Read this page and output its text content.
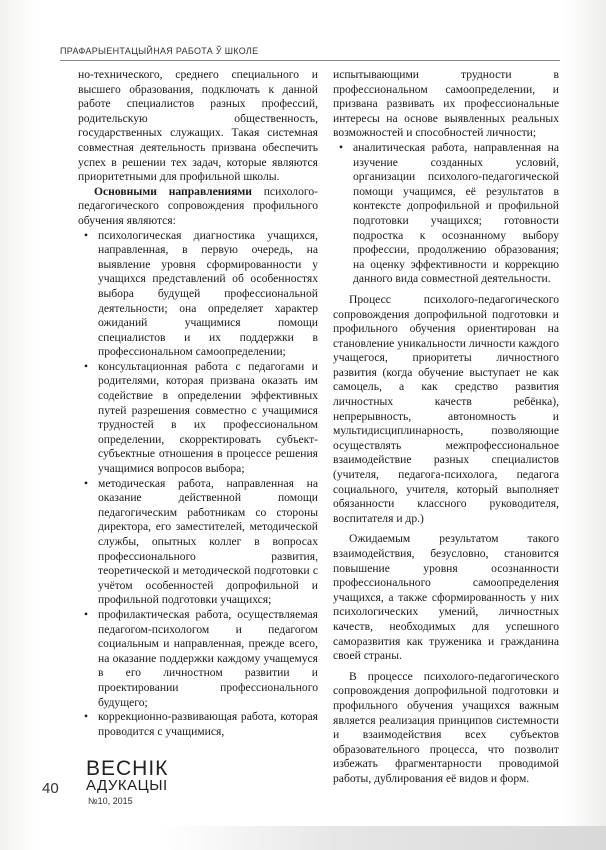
ПРАФАРЫЕНТАЦЫЙНАЯ РАБОТА Ў ШКОЛЕ

но-технического, среднего специального и высшего образования, подключать к данной работе специалистов разных профессий, родительскую общественность, государственных служащих. Такая системная совместная деятельность призвана обеспечить успех в решении тех задач, которые являются приоритетными для профильной школы.

Основными направлениями психолого-педагогического сопровождения профильного обучения являются:

• психологическая диагностика учащихся, направленная, в первую очередь, на выявление уровня сформированности у учащихся представлений об особенностях выбора будущей профессиональной деятельности; она определяет характер ожиданий учащимися помощи специалистов и их поддержки в профессиональном самоопределении;
• консультационная работа с педагогами и родителями, которая призвана оказать им содействие в определении эффективных путей разрешения совместно с учащимися трудностей в их профессиональном определении, скорректировать субъект-субъектные отношения в процессе решения учащимися вопросов выбора;
• методическая работа, направленная на оказание действенной помощи педагогическим работникам со стороны директора, его заместителей, методической службы, опытных коллег в вопросах профессионального развития, теоретической и методической подготовки с учётом особенностей допрофильной и профильной подготовки учащихся;
• профилактическая работа, осуществляемая педагогом-психологом и педагогом социальным и направленная, прежде всего, на оказание поддержки каждому учащемуся в его личностном развитии и проектировании профессионального будущего;
• коррекционно-развивающая работа, которая проводится с учащимися,

испытывающими трудности в профессиональном самоопределении, и призвана развивать их профессиональные интересы на основе выявленных реальных возможностей и способностей личности;

• аналитическая работа, направленная на изучение созданных условий, организации психолого-педагогической помощи учащимся, её результатов в контексте допрофильной и профильной подготовки учащихся; готовности подростка к осознанному выбору профессии, продолжению образования; на оценку эффективности и коррекцию данного вида совместной деятельности.

Процесс психолого-педагогического сопровождения допрофильной подготовки и профильного обучения ориентирован на становление уникальности личности каждого учащегося, приоритеты личностного развития (когда обучение выступает не как самоцель, а как средство развития личностных качеств ребёнка), непрерывность, автономность и мультидисциплинарность, позволяющие осуществлять межпрофессиональное взаимодействие разных специалистов (учителя, педагога-психолога, педагога социального, учителя, который выполняет обязанности классного руководителя, воспитателя и др.)

Ожидаемым результатом такого взаимодействия, безусловно, становится повышение уровня осознанности профессионального самоопределения учащихся, а также сформированность у них психологических умений, личностных качеств, необходимых для успешного саморазвития как труженика и гражданина своей страны.

В процессе психолого-педагогического сопровождения допрофильной подготовки и профильного обучения учащихся важным является реализация принципов системности и взаимодействия всех субъектов образовательного процесса, что позволит избежать фрагментарности проводимой работы, дублирования её видов и форм.

40
ВЕСНІК
АДУКАЦЫІ
№10, 2015
